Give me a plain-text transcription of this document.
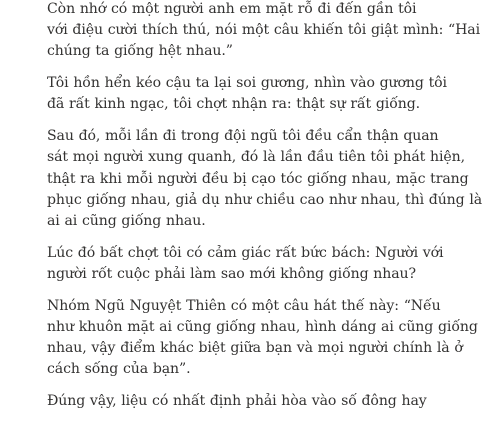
Còn nhớ có một người anh em mặt rỗ đi đến gần tôi
với điệu cười thích thú, nói một câu khiến tôi giật mình: “Hai
chúng ta giống hệt nhau.”

Tôi hồn hển kéo cậu ta lại soi gương, nhìn vào gương tôi
đã rất kinh ngạc, tôi chợt nhận ra: thật sự rất giống.

Sau đó, mỗi lần đi trong đội ngũ tôi đều cẩn thận quan
sát mọi người xung quanh, đó là lần đầu tiên tôi phát hiện,
thật ra khi mỗi người đều bị cạo tóc giống nhau, mặc trang
phục giống nhau, giả dụ như chiều cao như nhau, thì đúng là
ai ai cũng giống nhau.

Lúc đó bất chợt tôi có cảm giác rất bức bách: Người với
người rốt cuộc phải làm sao mới không giống nhau?

Nhóm Ngũ Nguyệt Thiên có một câu hát thế này: “Nếu
như khuôn mặt ai cũng giống nhau, hình dáng ai cũng giống
nhau, vậy điểm khác biệt giữa bạn và mọi người chính là ở
cách sống của bạn”.

Đúng vậy, liệu có nhất định phải hòa vào số đông hay
